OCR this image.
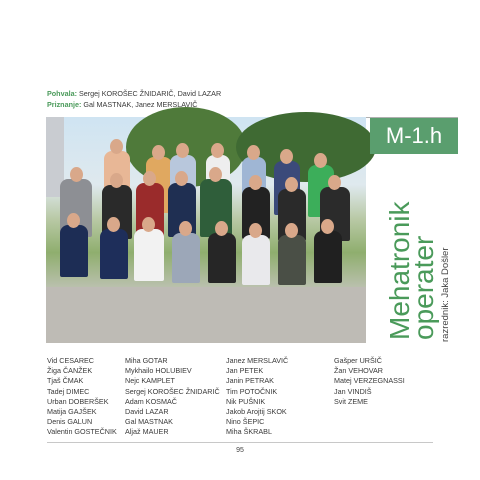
Pohvala: Sergej KOROŠEC ŽNIDARIČ, David LAZAR
Priznanje: Gal MASTNAK, Janez MERSLAVIČ
M-1.h
Mehatronik
operater razrednik: Jaka Došler
Vid CESAREC
Žiga ČANŽEK
Tjaš ČMAK
Tadej DIMEC
Urban DOBERŠEK
Matija GAJŠEK
Denis GALUN
Valentin GOSTEČNIK
Miha GOTAR
Mykhailo HOLUBIEV
Nejc KAMPLET
Sergej KOROŠEC ŽNIDARIČ
Adam KOSMAČ
David LAZAR
Gal MASTNAK
Aljaž MAUER
Janez MERSLAVIČ
Jan PETEK
Janin PETRAK
Tim POTOČNIK
Nik PUŠNIK
Jakob Arojtij SKOK
Nino ŠEPIC
Miha ŠKRABL
Gašper URŠIČ
Žan VEHOVAR
Matej VERZEGNASSI
Jan VINDIŠ
Svit ZEME
95
